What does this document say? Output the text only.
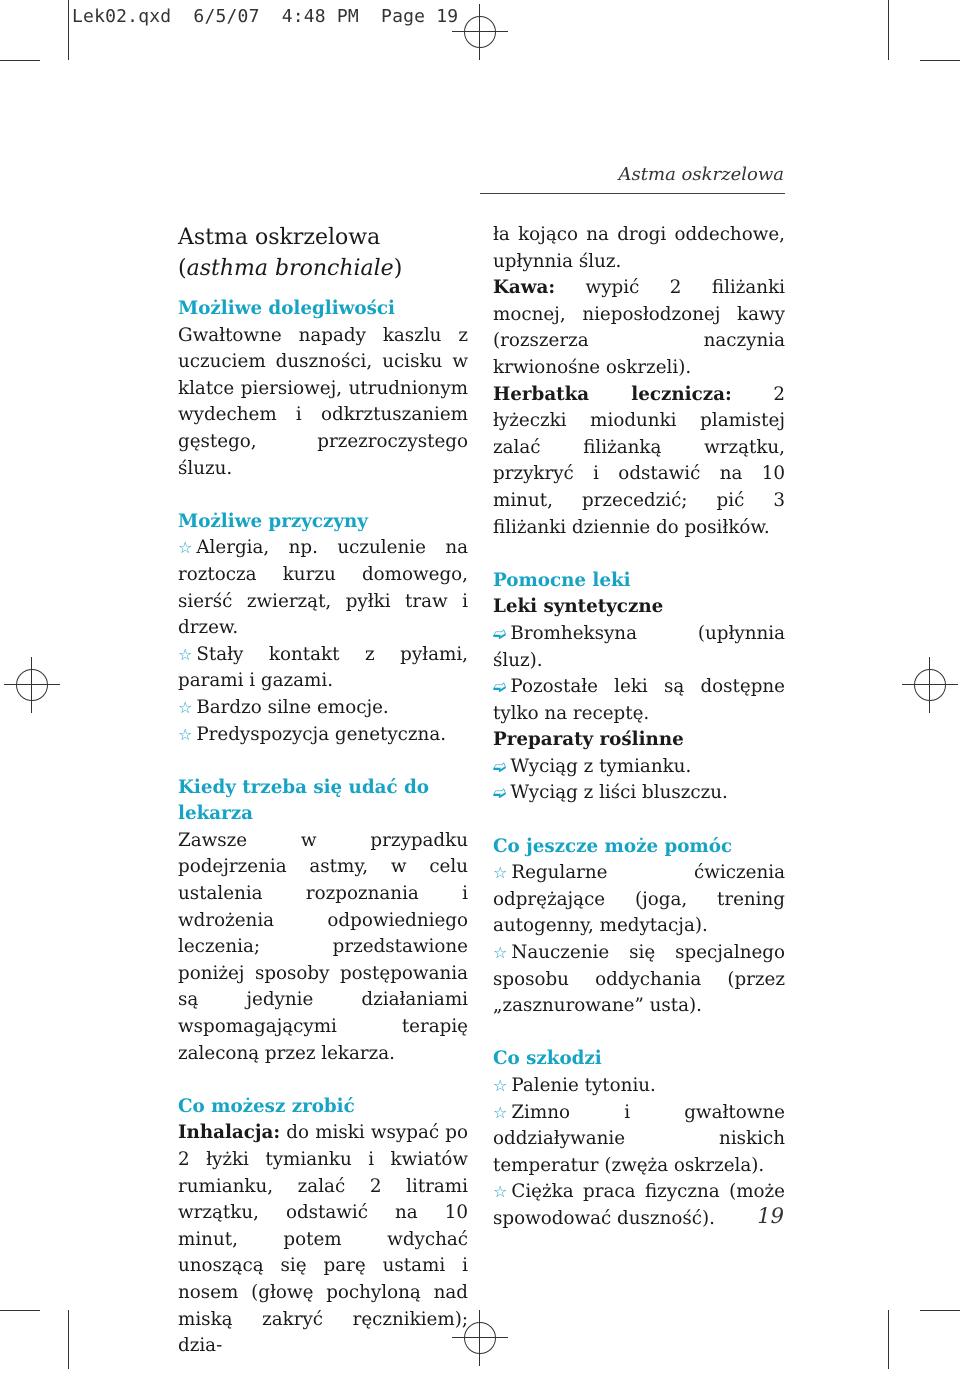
Lek02.qxd  6/5/07  4:48 PM  Page 19
Astma oskrzelowa
Astma oskrzelowa
(asthma bronchiale)
Możliwe dolegliwości

Gwałtowne napady kaszlu z uczuciem duszności, ucisku w klatce piersiowej, utrudnionym wydechem i odkrztuszaniem gęstego, przezroczystego śluzu.

Możliwe przyczyny
☆ Alergia, np. uczulenie na roztocza kurzu domowego, sierść zwierząt, pyłki traw i drzew.
☆ Stały kontakt z pyłami, parami i gazami.
☆ Bardzo silne emocje.
☆ Predyspozycja genetyczna.
Kiedy trzeba się udać do lekarza

Zawsze w przypadku podejrzenia astmy, w celu ustalenia rozpoznania i wdrożenia odpowiedniego leczenia; przedstawione poniżej sposoby postępowania są jedynie działaniami wspomagającymi terapię zaleconą przez lekarza.

Co możesz zrobić

Inhalacja: do miski wsypać po 2 łyżki tymianku i kwiatów rumianku, zalać 2 litrami wrzątku, odstawić na 10 minut, potem wdychać unoszącą się parę ustami i nosem (głowę pochyloną nad miską zakryć ręcznikiem); dzia-

ła kojąco na drogi oddechowe, upłynnia śluz.

Kawa: wypić 2 filiżanki mocnej, nieposłodzonej kawy (rozszerza naczynia krwionośne oskrzeli).

Herbatka lecznicza: 2 łyżeczki miodunki plamistej zalać filiżanką wrzątku, przykryć i odstawić na 10 minut, przecedzić; pić 3 filiżanki dziennie do posiłków.

Pomocne leki
Leki syntetyczne
➫ Bromheksyna (upłynnia śluz).
➫ Pozostałe leki są dostępne tylko na receptę.
Preparaty roślinne
➫ Wyciąg z tymianku.
➫ Wyciąg z liści bluszczu.
Co jeszcze może pomóc
☆ Regularne ćwiczenia odprężające (joga, trening autogenny, medytacja).
☆ Nauczenie się specjalnego sposobu oddychania (przez „zasznurowane” usta).
Co szkodzi
☆ Palenie tytoniu.
☆ Zimno i gwałtowne oddziaływanie niskich temperatur (zwęża oskrzela).
☆ Ciężka praca fizyczna (może spowodować duszność).	19
